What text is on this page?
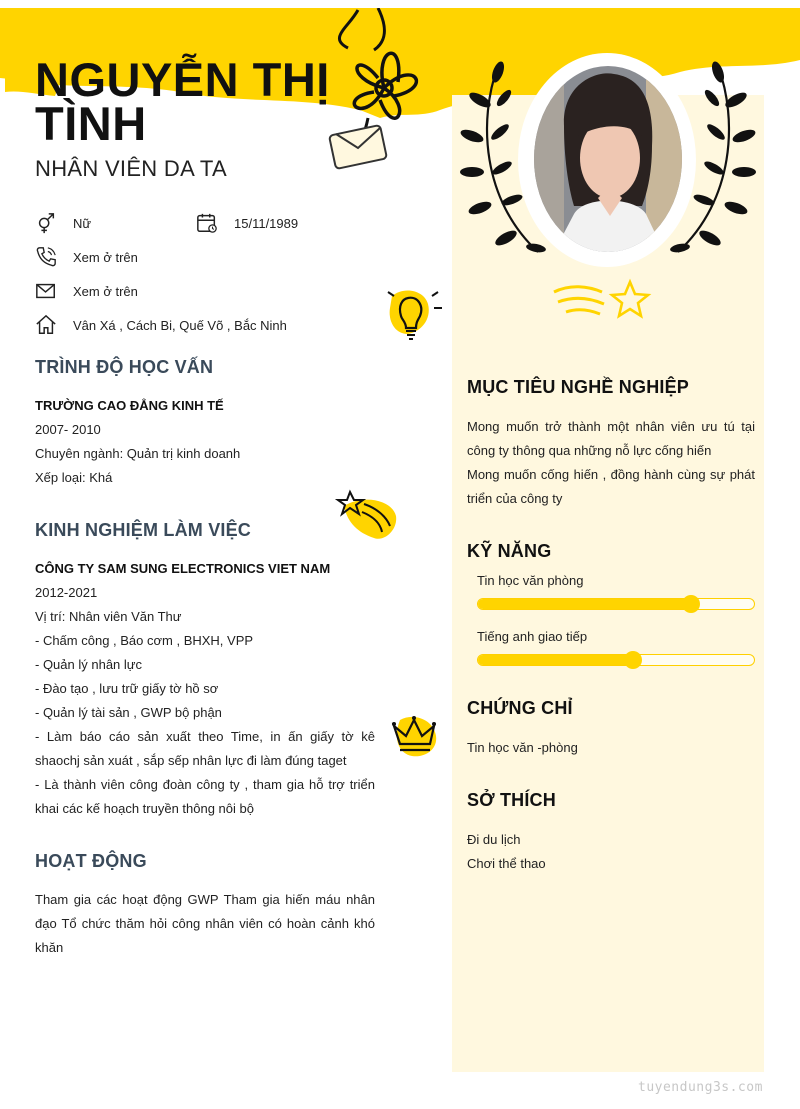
NGUYỄN THỊ
TÌNH
NHÂN VIÊN DA TA
Nữ	15/11/1989
Xem ở trên
Xem ở trên
Vân Xá , Cách Bi, Quế Võ , Bắc Ninh
TRÌNH ĐỘ HỌC VẤN
TRƯỜNG CAO ĐẲNG KINH TẾ
2007- 2010
Chuyên ngành: Quản trị kinh doanh
Xếp loại: Khá
KINH NGHIỆM LÀM VIỆC
CÔNG TY SAM SUNG ELECTRONICS VIET NAM
2012-2021
Vị trí: Nhân viên Văn Thư
- Chấm công , Báo cơm , BHXH, VPP
- Quản lý nhân lực
- Đào tạo , lưu trữ giấy tờ hồ sơ
- Quản lý tài sản , GWP bộ phận
- Làm báo cáo sản xuất theo Time, in ấn giấy tờ kê shaochj sản xuát , sắp sếp nhân lực đi làm đúng taget
- Là thành viên công đoàn công ty , tham gia hỗ trợ triển khai các kế hoạch truyền thông nôi bộ
HOẠT ĐỘNG
Tham gia các hoạt động GWP Tham gia hiến máu nhân đạo Tổ chức thăm hỏi công nhân viên có hoàn cảnh khó khăn
MỤC TIÊU NGHỀ NGHIỆP
Mong muốn trở thành một nhân viên ưu tú tại công ty thông qua những nỗ lực cống hiến
Mong muốn cống hiến , đồng hành cùng sự phát triển của công ty
KỸ NĂNG
Tin học văn phòng
Tiếng anh giao tiếp
CHỨNG CHỈ
Tin học văn -phòng
SỞ THÍCH
Đi du lịch
Chơi thể thao
tuyendung3s.com
